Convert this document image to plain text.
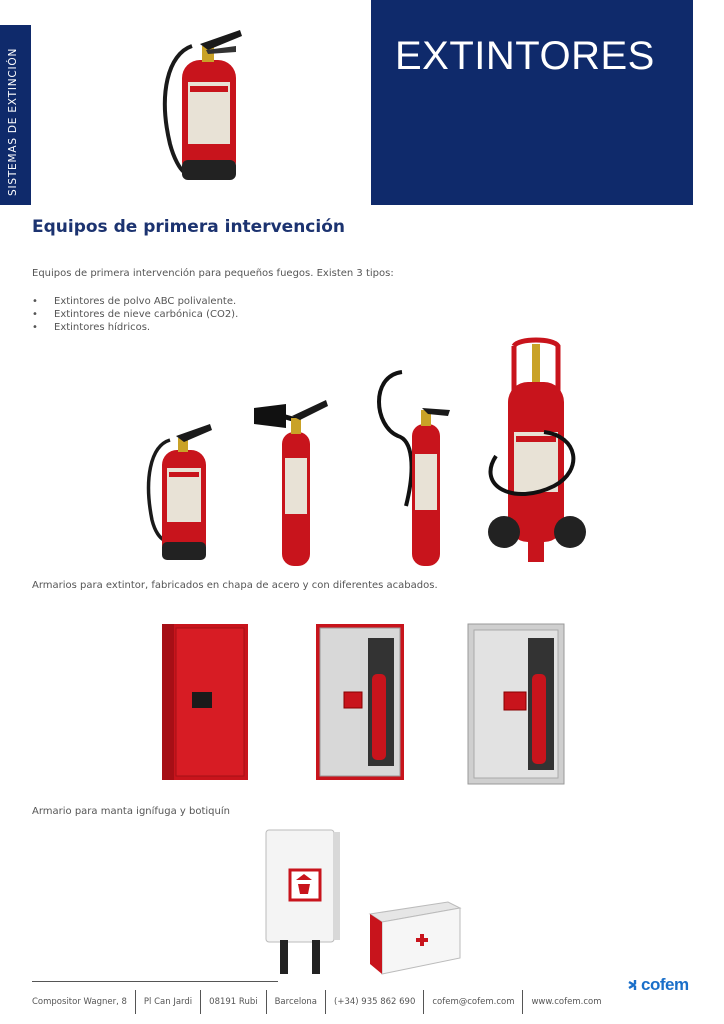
SISTEMAS DE EXTINCIÓN	EXTINTORES
Equipos de primera intervención
Equipos de primera intervención para pequeños fuegos. Existen 3 tipos:
• Extintores de polvo ABC polivalente.
• Extintores de nieve carbónica (CO2).
• Extintores hídricos.
Armarios para extintor, fabricados en chapa de acero y con diferentes acabados.
Armario para manta ignífuga y botiquín
Compositor Wagner, 8	Pl Can Jardi	08191 Rubi	Barcelona	(+34) 935 862 690	cofem@cofem.com	www.cofem.com
cofem
